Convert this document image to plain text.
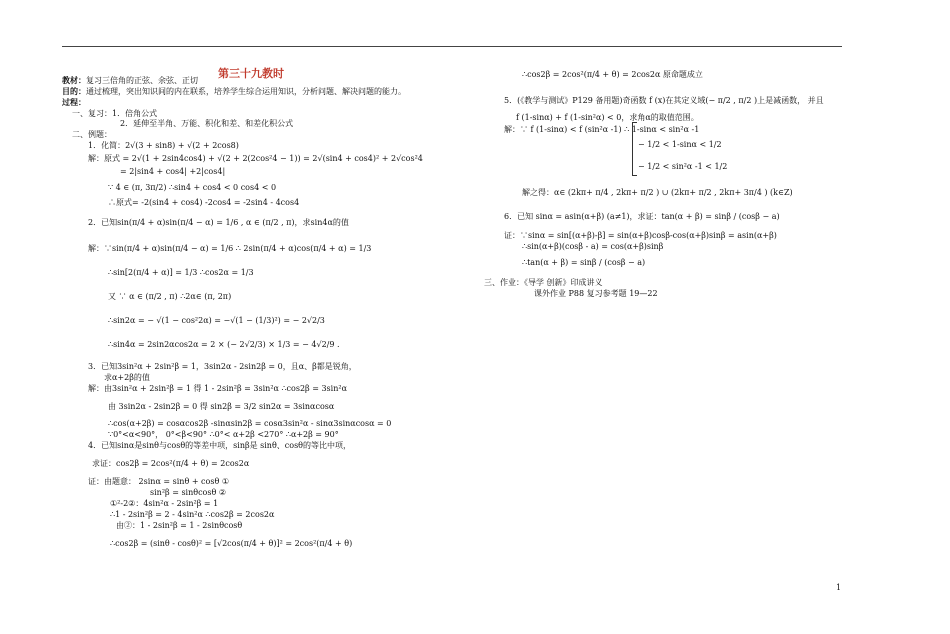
第三十九教时
教材：复习三倍角的正弦、余弦、正切
目的：通过梳理，突出知识间的内在联系，培养学生综合运用知识，分析问题、解决问题的能力。
过程：
一、复习：1．倍角公式
2．延伸至半角、万能、积化和差、和差化积公式
二、例题：
1．化简：2√(3 + sin8) + √(2 + 2cos8)
解：原式 = 2√(1 + 2sin4cos4) + √(2 + 2(2cos²4 − 1)) = 2√(sin4 + cos4)² + 2√cos²4
= 2|sin4 + cos4| +2|cos4|
∵ 4 ∈ (π, 3π/2) ∴sin4 + cos4 < 0 cos4 < 0
∴原式= -2(sin4 + cos4) -2cos4 = -2sin4 - 4cos4
2．已知sin(π/4 + α)sin(π/4 − α) = 1/6 , α ∈ (π/2 , π)，求sin4α的值
解：∵sin(π/4 + α)sin(π/4 − α) = 1/6 ∴ 2sin(π/4 + α)cos(π/4 + α) = 1/3
∴sin[2(π/4 + α)] = 1/3 ∴cos2α = 1/3
又 ∵ α ∈ (π/2 , π) ∴2α∈ (π, 2π)
∴sin2α = − √(1 − cos²2α) = −√(1 − (1/3)²) = − 2√2/3
∴sin4α = 2sin2αcos2α = 2 × (− 2√2/3) × 1/3 = − 4√2/9 .
3．已知3sin²α + 2sin²β = 1，3sin2α - 2sin2β = 0，且α、β都是锐角，
求α+2β的值
解：由3sin²α + 2sin²β = 1 得 1 - 2sin²β = 3sin²α ∴cos2β = 3sin²α
由 3sin2α - 2sin2β = 0 得 sin2β = 3/2 sin2α = 3sinαcosα
∴cos(α+2β) = cosαcos2β -sinαsin2β = cosα3sin²α - sinα3sinαcosα = 0
∵0°<α<90°， 0°<β<90° ∴0°< α+2β <270° ∴α+2β = 90°
4．已知sinα是sinθ与cosθ的等差中项，sinβ是 sinθ、cosθ的等比中项，
求证：cos2β = 2cos²(π/4 + θ) = 2cos2α
证：由题意： 2sinα = sinθ + cosθ ①
sin²β = sinθcosθ ②
①²-2②：4sin²α - 2sin²β = 1
∴1 - 2sin²β = 2 - 4sin²α ∴cos2β = 2cos2α
由②：1 - 2sin²β = 1 - 2sinθcosθ
∴cos2β = (sinθ - cosθ)² = [√2cos(π/4 + θ)]² = 2cos²(π/4 + θ)
∴cos2β = 2cos²(π/4 + θ) = 2cos2α 原命题成立
5．(《教学与测试》P129 备用题)奇函数 f (x)在其定义域(− π/2 , π/2 )上是减函数， 并且
f (1-sinα) + f (1-sin²α) < 0，求角α的取值范围。
解：∵ f (1-sinα) < f (sin²α -1) ∴ 1-sinα < sin²α -1
− 1/2 < 1-sinα < 1/2
− 1/2 < sin²α -1 < 1/2
解之得：α∈ (2kπ+ π/4 , 2kπ+ π/2 ) ∪ (2kπ+ π/2 , 2kπ+ 3π/4 ) (k∈Z)
6．已知 sinα = asin(α+β) (a≠1)，求证：tan(α + β) = sinβ / (cosβ − a)
证：∵sinα = sin[(α+β)-β] = sin(α+β)cosβ-cos(α+β)sinβ = asin(α+β)
∴sin(α+β)(cosβ - a) = cos(α+β)sinβ
∴tan(α + β) = sinβ / (cosβ − a)
三、作业：《导学 创新》印成讲义
课外作业 P88 复习参考题 19—22
1
